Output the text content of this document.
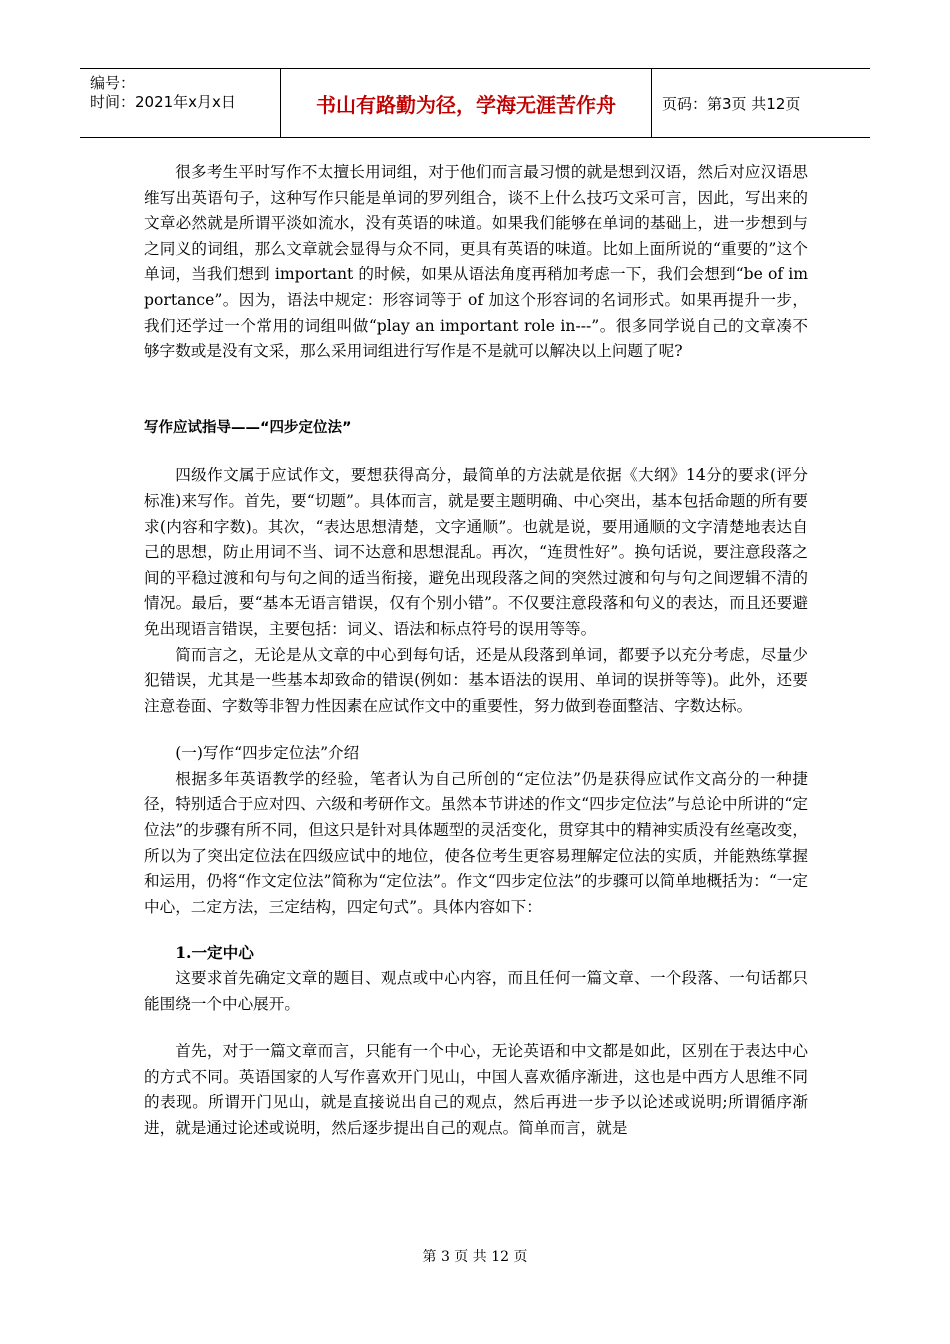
编号：
时间：2021年x月x日	书山有路勤为径，学海无涯苦作舟	页码：第3页 共12页

很多考生平时写作不太擅长用词组，对于他们而言最习惯的就是想到汉语，然后对应汉语思维写出英语句子，这种写作只能是单词的罗列组合，谈不上什么技巧文采可言，因此，写出来的文章必然就是所谓平淡如流水，没有英语的味道。如果我们能够在单词的基础上，进一步想到与之同义的词组，那么文章就会显得与众不同，更具有英语的味道。比如上面所说的“重要的”这个单词，当我们想到 important 的时候，如果从语法角度再稍加考虑一下，我们会想到“be of importance”。因为，语法中规定：形容词等于 of 加这个形容词的名词形式。如果再提升一步，我们还学过一个常用的词组叫做“play an important role in---”。很多同学说自己的文章凑不够字数或是没有文采，那么采用词组进行写作是不是就可以解决以上问题了呢?

写作应试指导——“四步定位法”

四级作文属于应试作文，要想获得高分，最简单的方法就是依据《大纲》14分的要求(评分标准)来写作。首先，要“切题”。具体而言，就是要主题明确、中心突出，基本包括命题的所有要求(内容和字数)。其次，“表达思想清楚，文字通顺”。也就是说，要用通顺的文字清楚地表达自己的思想，防止用词不当、词不达意和思想混乱。再次，“连贯性好”。换句话说，要注意段落之间的平稳过渡和句与句之间的适当衔接，避免出现段落之间的突然过渡和句与句之间逻辑不清的情况。最后，要“基本无语言错误，仅有个别小错”。不仅要注意段落和句义的表达，而且还要避免出现语言错误，主要包括：词义、语法和标点符号的误用等等。

简而言之，无论是从文章的中心到每句话，还是从段落到单词，都要予以充分考虑，尽量少犯错误，尤其是一些基本却致命的错误(例如：基本语法的误用、单词的误拼等等)。此外，还要注意卷面、字数等非智力性因素在应试作文中的重要性，努力做到卷面整洁、字数达标。

(一)写作“四步定位法”介绍

根据多年英语教学的经验，笔者认为自己所创的“定位法”仍是获得应试作文高分的一种捷径，特别适合于应对四、六级和考研作文。虽然本节讲述的作文“四步定位法”与总论中所讲的“定位法”的步骤有所不同，但这只是针对具体题型的灵活变化，贯穿其中的精神实质没有丝毫改变，所以为了突出定位法在四级应试中的地位，使各位考生更容易理解定位法的实质，并能熟练掌握和运用，仍将“作文定位法”简称为“定位法”。作文“四步定位法”的步骤可以简单地概括为：“一定中心，二定方法，三定结构，四定句式”。具体内容如下：

1.一定中心

这要求首先确定文章的题目、观点或中心内容，而且任何一篇文章、一个段落、一句话都只能围绕一个中心展开。

首先，对于一篇文章而言，只能有一个中心，无论英语和中文都是如此，区别在于表达中心的方式不同。英语国家的人写作喜欢开门见山，中国人喜欢循序渐进，这也是中西方人思维不同的表现。所谓开门见山，就是直接说出自己的观点，然后再进一步予以论述或说明;所谓循序渐进，就是通过论述或说明，然后逐步提出自己的观点。简单而言，就是

第 3 页 共 12 页
